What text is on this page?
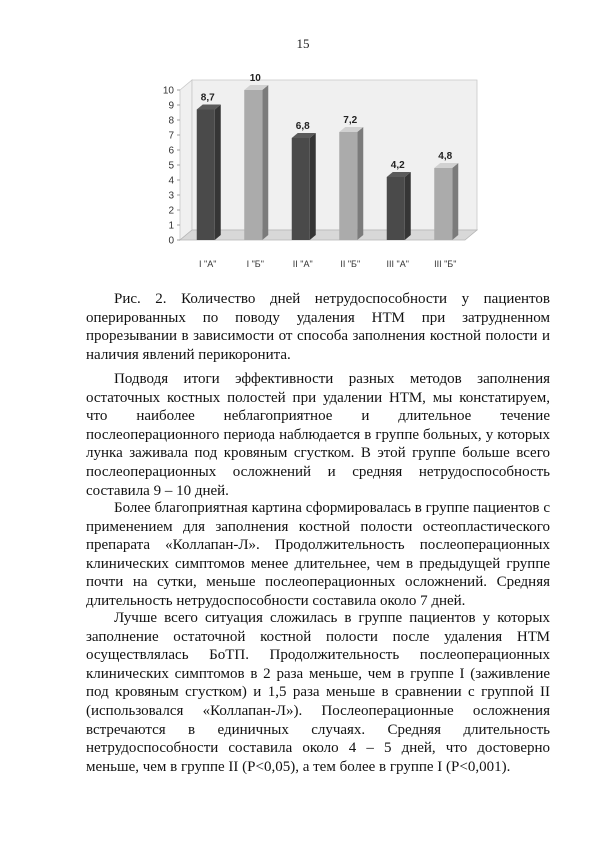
15
0
1
2
3
4
5
6
7
8
9
10
8,7
10
6,8
7,2
4,2
4,8
I "А"	I "Б"	II "А"	II "Б"	III "А"	III "Б"

Рис. 2. Количество дней нетрудоспособности у пациентов оперированных по поводу удаления НТМ при затрудненном прорезывании в зависимости от способа заполнения костной полости и наличия явлений перикоронита.

Подводя итоги эффективности разных методов заполнения остаточных костных полостей при удалении НТМ, мы констатируем, что наиболее неблагоприятное и длительное течение послеоперационного периода наблюдается в группе больных, у которых лунка заживала под кровяным сгустком. В этой группе больше всего послеоперационных осложнений и средняя нетрудоспособность составила 9 – 10 дней.

Более благоприятная картина сформировалась в группе пациентов с применением для заполнения костной полости остеопластического препарата «Коллапан-Л». Продолжительность послеоперационных клинических симптомов менее длительнее, чем в предыдущей группе почти на сутки, меньше послеоперационных осложнений. Средняя длительность нетрудоспособности составила около 7 дней.

Лучше всего ситуация сложилась в группе пациентов у которых заполнение остаточной костной полости после удаления НТМ осуществлялась БоТП. Продолжительность послеоперационных клинических симптомов в 2 раза меньше, чем в группе I (заживление под кровяным сгустком) и 1,5 раза меньше в сравнении с группой II (использовался «Коллапан-Л»). Послеоперационные осложнения встречаются в единичных случаях. Средняя длительность нетрудоспособности составила около 4 – 5 дней, что достоверно меньше, чем в группе II (P<0,05), а тем более в группе I (P<0,001).
